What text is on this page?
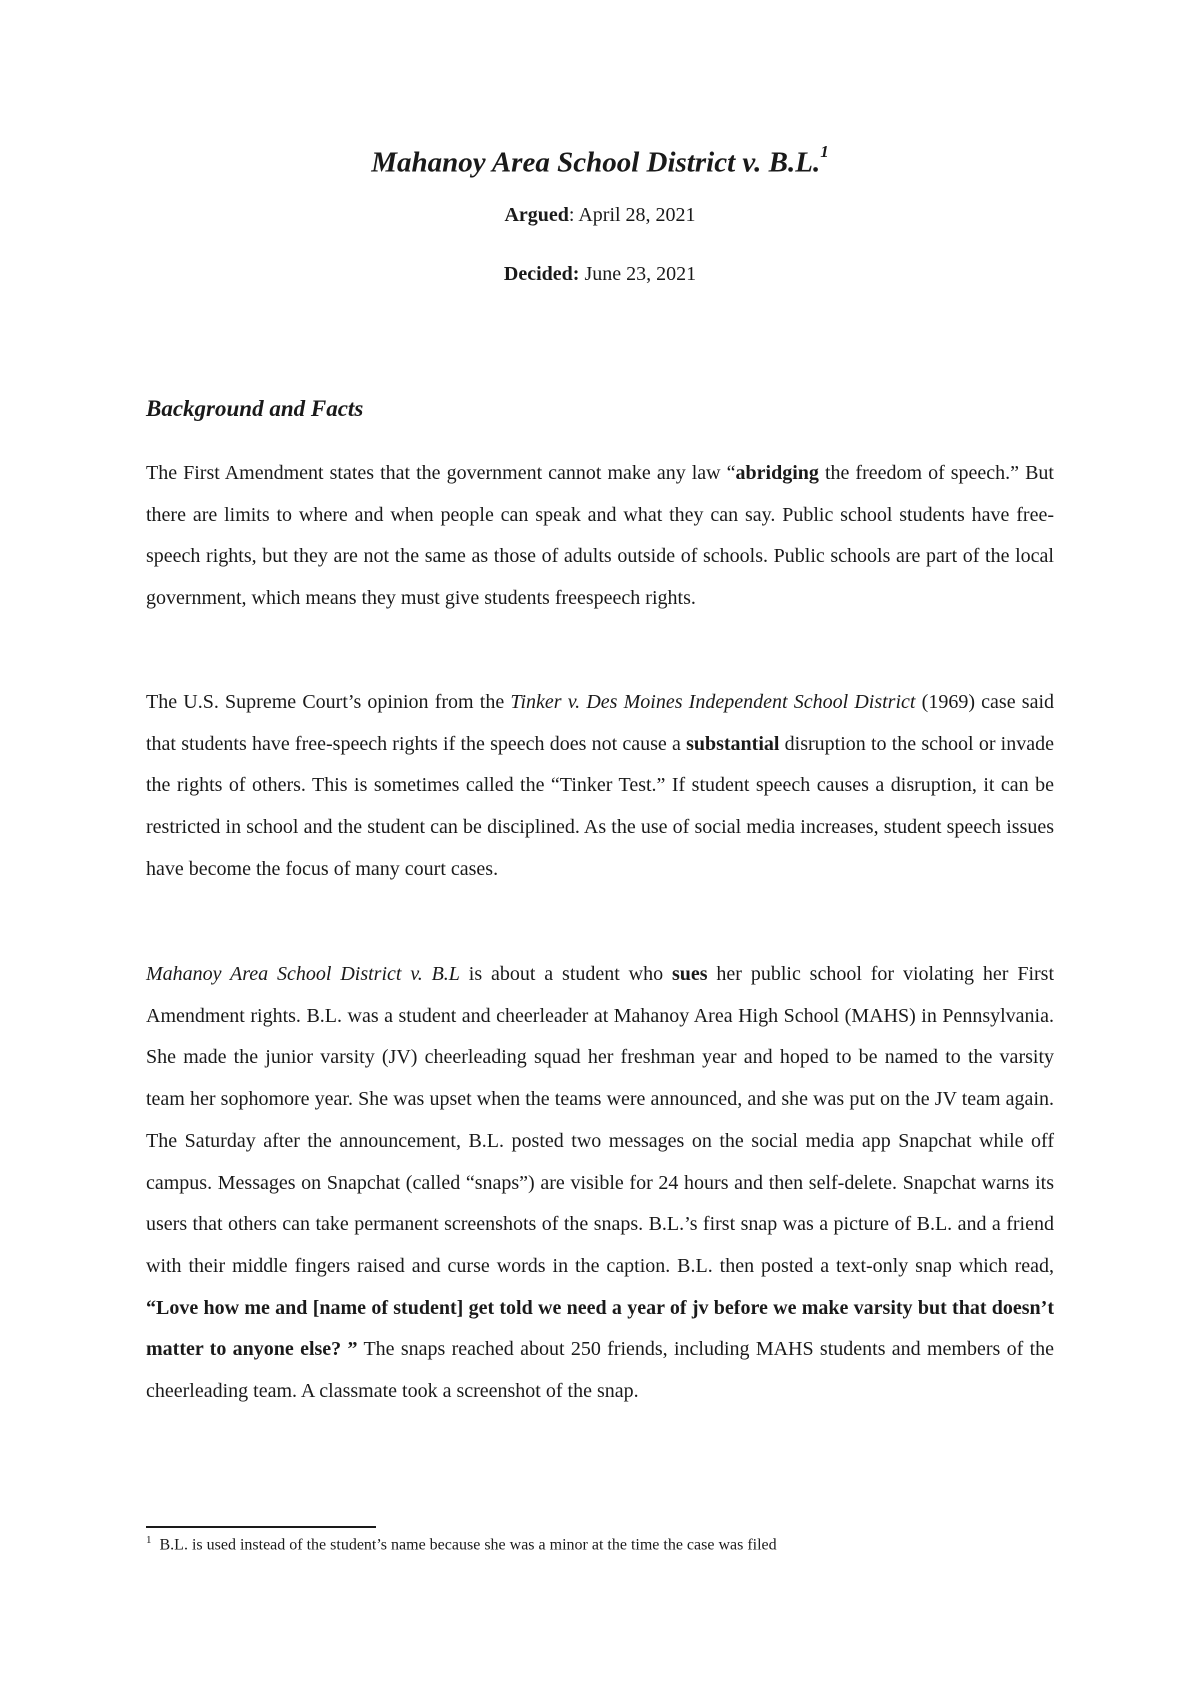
Mahanoy Area School District v. B.L.$^1$

Argued: April 28, 2021

Decided: June 23, 2021

Background and Facts

The First Amendment states that the government cannot make any law “abridging the freedom of speech.” But there are limits to where and when people can speak and what they can say. Public school students have free-speech rights, but they are not the same as those of adults outside of schools. Public schools are part of the local government, which means they must give students freespeech rights.

The U.S. Supreme Court’s opinion from the Tinker v. Des Moines Independent School District (1969) case said that students have free-speech rights if the speech does not cause a substantial disruption to the school or invade the rights of others. This is sometimes called the “Tinker Test.” If student speech causes a disruption, it can be restricted in school and the student can be disciplined. As the use of social media increases, student speech issues have become the focus of many court cases.

Mahanoy Area School District v. B.L is about a student who sues her public school for violating her First Amendment rights. B.L. was a student and cheerleader at Mahanoy Area High School (MAHS) in Pennsylvania. She made the junior varsity (JV) cheerleading squad her freshman year and hoped to be named to the varsity team her sophomore year. She was upset when the teams were announced, and she was put on the JV team again. The Saturday after the announcement, B.L. posted two messages on the social media app Snapchat while off campus. Messages on Snapchat (called “snaps”) are visible for 24 hours and then self-delete. Snapchat warns its users that others can take permanent screenshots of the snaps. B.L.’s first snap was a picture of B.L. and a friend with their middle fingers raised and curse words in the caption. B.L. then posted a text-only snap which read, “Love how me and [name of student] get told we need a year of jv before we make varsity but that doesn’t matter to anyone else? ” The snaps reached about 250 friends, including MAHS students and members of the cheerleading team. A classmate took a screenshot of the snap.

$^1$ B.L. is used instead of the student’s name because she was a minor at the time the case was filed
